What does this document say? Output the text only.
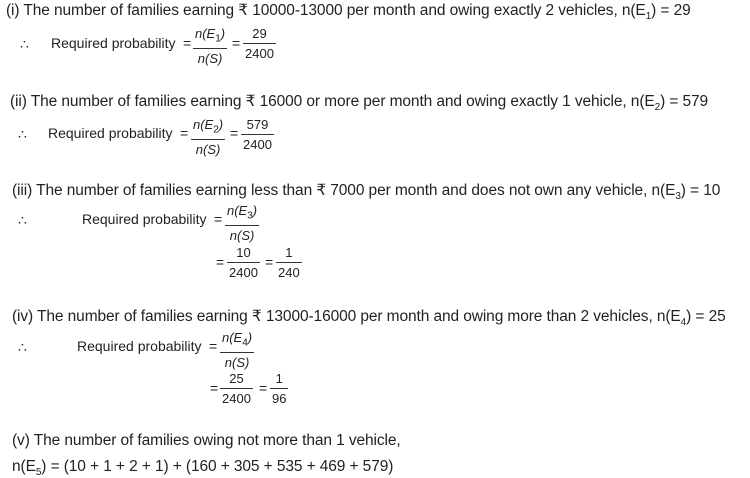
(i) The number of families earning ₹ 10000-13000 per month and owing exactly 2 vehicles, $n(E_1) = 29$
∴ Required probability =
$n(E_1)$
n(S)
=
29
2400
(ii) The number of families earning ₹ 16000 or more per month and owing exactly 1 vehicle, $n(E_2) = 579$
∴ Required probability =
$n(E_2)$
n(S)
=
579
2400
(iii) The number of families earning less than ₹ 7000 per month and does not own any vehicle, $n(E_3) = 10$
∴	Required probability =
$n(E_3)$
n(S)
=
10
2400
=
1
240
(iv) The number of families earning ₹ 13000-16000 per month and owing more than 2 vehicles, $n(E_4) = 25$
∴	Required probability =
$n(E_4)$
n(S)
=
25
2400
=
1
96
(v) The number of families owing not more than 1 vehicle,
$n(E_5) = (10 + 1 + 2 + 1) + (160 + 305 + 535 + 469 + 579)$
